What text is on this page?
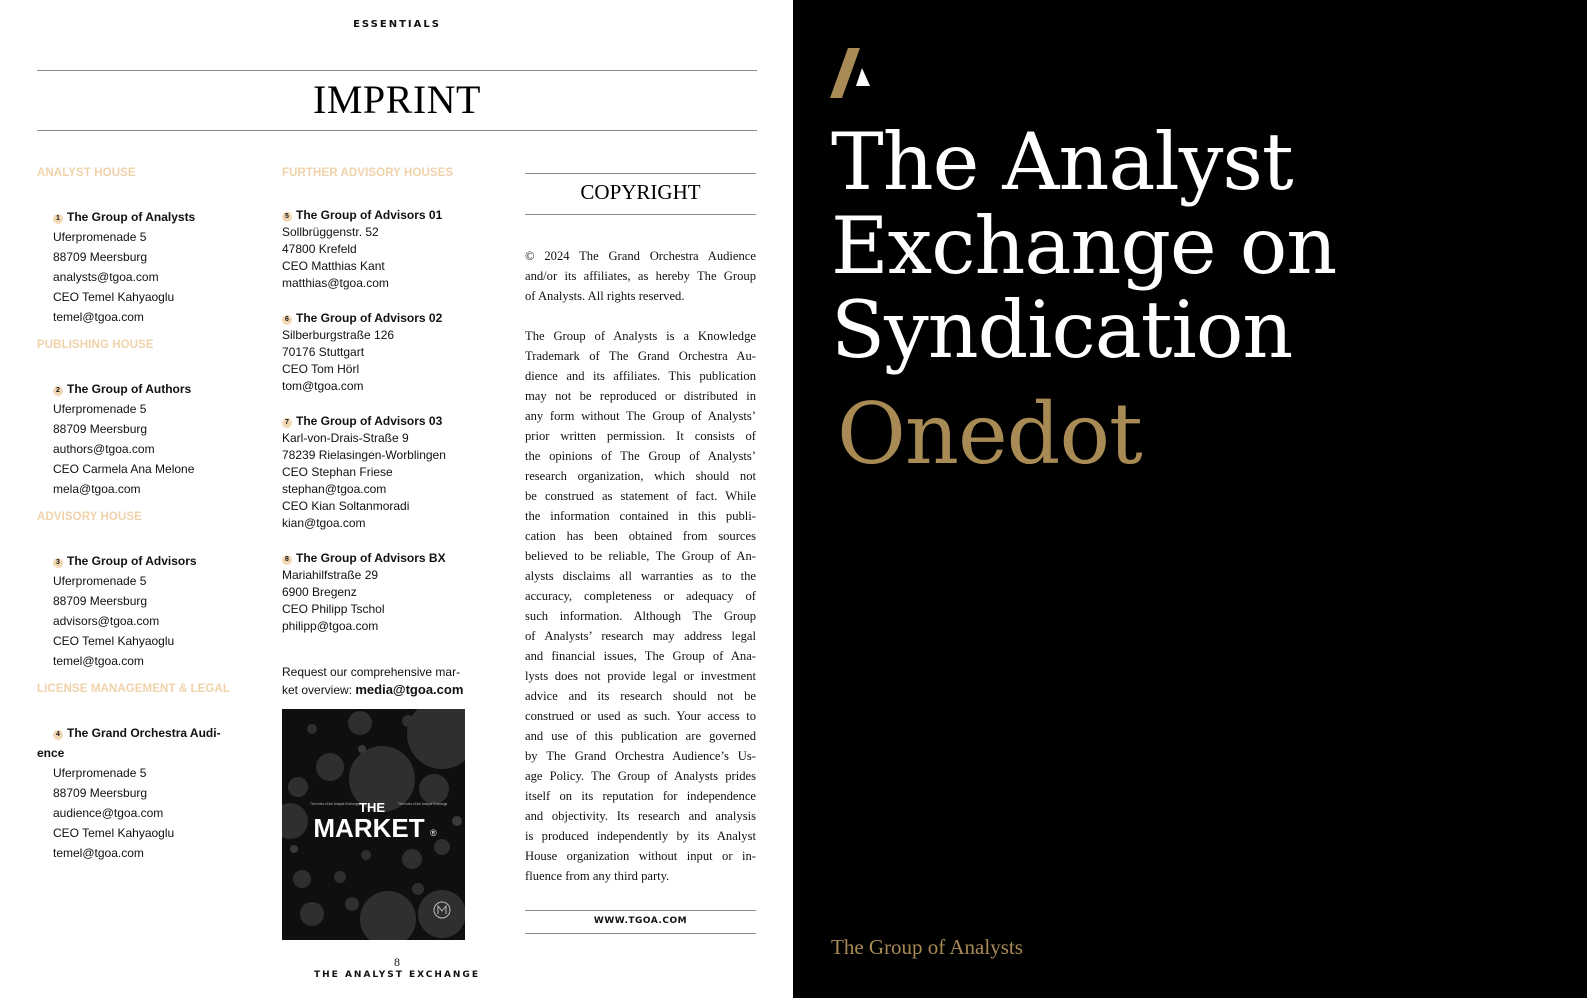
ESSENTIALS
IMPRINT
ANALYST HOUSE
1 The Group of Analysts
Uferpromenade 5
88709 Meersburg
analysts@tgoa.com
CEO Temel Kahyaoglu
temel@tgoa.com
PUBLISHING HOUSE
2 The Group of Authors
Uferpromenade 5
88709 Meersburg
authors@tgoa.com
CEO Carmela Ana Melone
mela@tgoa.com
ADVISORY HOUSE
3 The Group of Advisors
Uferpromenade 5
88709 Meersburg
advisors@tgoa.com
CEO Temel Kahyaoglu
temel@tgoa.com
LICENSE MANAGEMENT & LEGAL
4 The Grand Orchestra Audi-
ence
Uferpromenade 5
88709 Meersburg
audience@tgoa.com
CEO Temel Kahyaoglu
temel@tgoa.com
FURTHER ADVISORY HOUSES
5 The Group of Advisors 01
Sollbrüggenstr. 52
47800 Krefeld
CEO Matthias Kant
matthias@tgoa.com
6 The Group of Advisors 02
Silberburgstraße 126
70176 Stuttgart
CEO Tom Hörl
tom@tgoa.com
7 The Group of Advisors 03
Karl-von-Drais-Straße 9
78239 Rielasingen-Worblingen
CEO Stephan Friese
stephan@tgoa.com
CEO Kian Soltanmoradi
kian@tgoa.com
8 The Group of Advisors BX
Mariahilfstraße 29
6900 Bregenz
CEO Philipp Tschol
philipp@tgoa.com
Request our comprehensive mar-
ket overview: media@tgoa.com
THE
MARKET ®
The Index of the Analyst Exchange	The Index of the Analyst Exchange
COPYRIGHT
© 2024 The Grand Orchestra Audience
and/or its affiliates, as hereby The Group
of Analysts. All rights reserved.
The Group of Analysts is a Knowledge
Trademark of The Grand Orchestra Au-
dience and its affiliates. This publication
may not be reproduced or distributed in
any form without The Group of Analysts’
prior written permission. It consists of
the opinions of The Group of Analysts’
research organization, which should not
be construed as statement of fact. While
the information contained in this publi-
cation has been obtained from sources
believed to be reliable, The Group of An-
alysts disclaims all warranties as to the
accuracy, completeness or adequacy of
such information. Although The Group
of Analysts’ research may address legal
and financial issues, The Group of Ana-
lysts does not provide legal or investment
advice and its research should not be
construed or used as such. Your access to
and use of this publication are governed
by The Grand Orchestra Audience’s Us-
age Policy. The Group of Analysts prides
itself on its reputation for independence
and objectivity. Its research and analysis
is produced independently by its Analyst
House organization without input or in-
fluence from any third party.
WWW.TGOA.COM
8
THE ANALYST EXCHANGE
The Analyst
Exchange on
Syndication
Onedot
The Group of Analysts
